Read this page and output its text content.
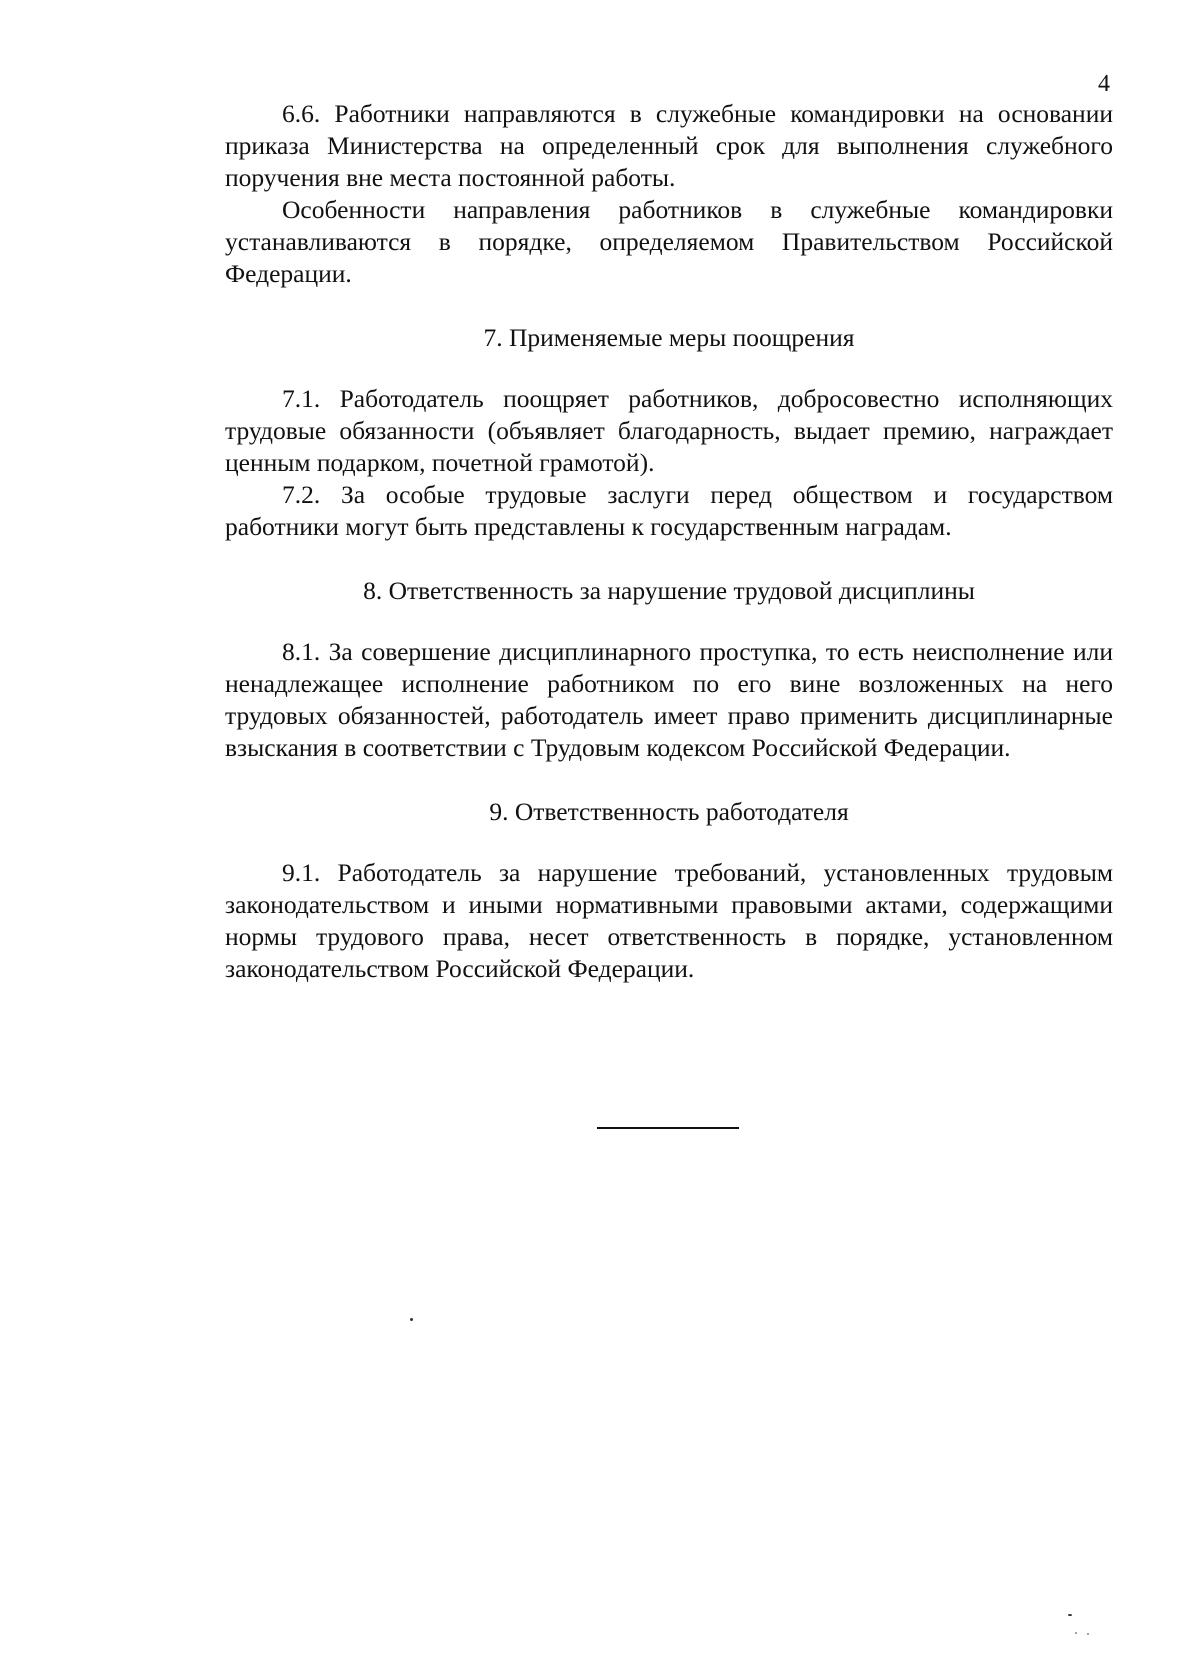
4

6.6. Работники направляются в служебные командировки на основании приказа Министерства на определенный срок для выполнения служебного поручения вне места постоянной работы.

Особенности направления работников в служебные командировки устанавливаются в порядке, определяемом Правительством Российской Федерации.

7. Применяемые меры поощрения

7.1. Работодатель поощряет работников, добросовестно исполняющих трудовые обязанности (объявляет благодарность, выдает премию, награждает ценным подарком, почетной грамотой).

7.2. За особые трудовые заслуги перед обществом и государством работники могут быть представлены к государственным наградам.

8. Ответственность за нарушение трудовой дисциплины

8.1. За совершение дисциплинарного проступка, то есть неисполнение или ненадлежащее исполнение работником по его вине возложенных на него трудовых обязанностей, работодатель имеет право применить дисциплинарные взыскания в соответствии с Трудовым кодексом Российской Федерации.

9. Ответственность работодателя

9.1. Работодатель за нарушение требований, установленных трудовым законодательством и иными нормативными правовыми актами, содержащими нормы трудового права, несет ответственность в порядке, установленном законодательством Российской Федерации.
